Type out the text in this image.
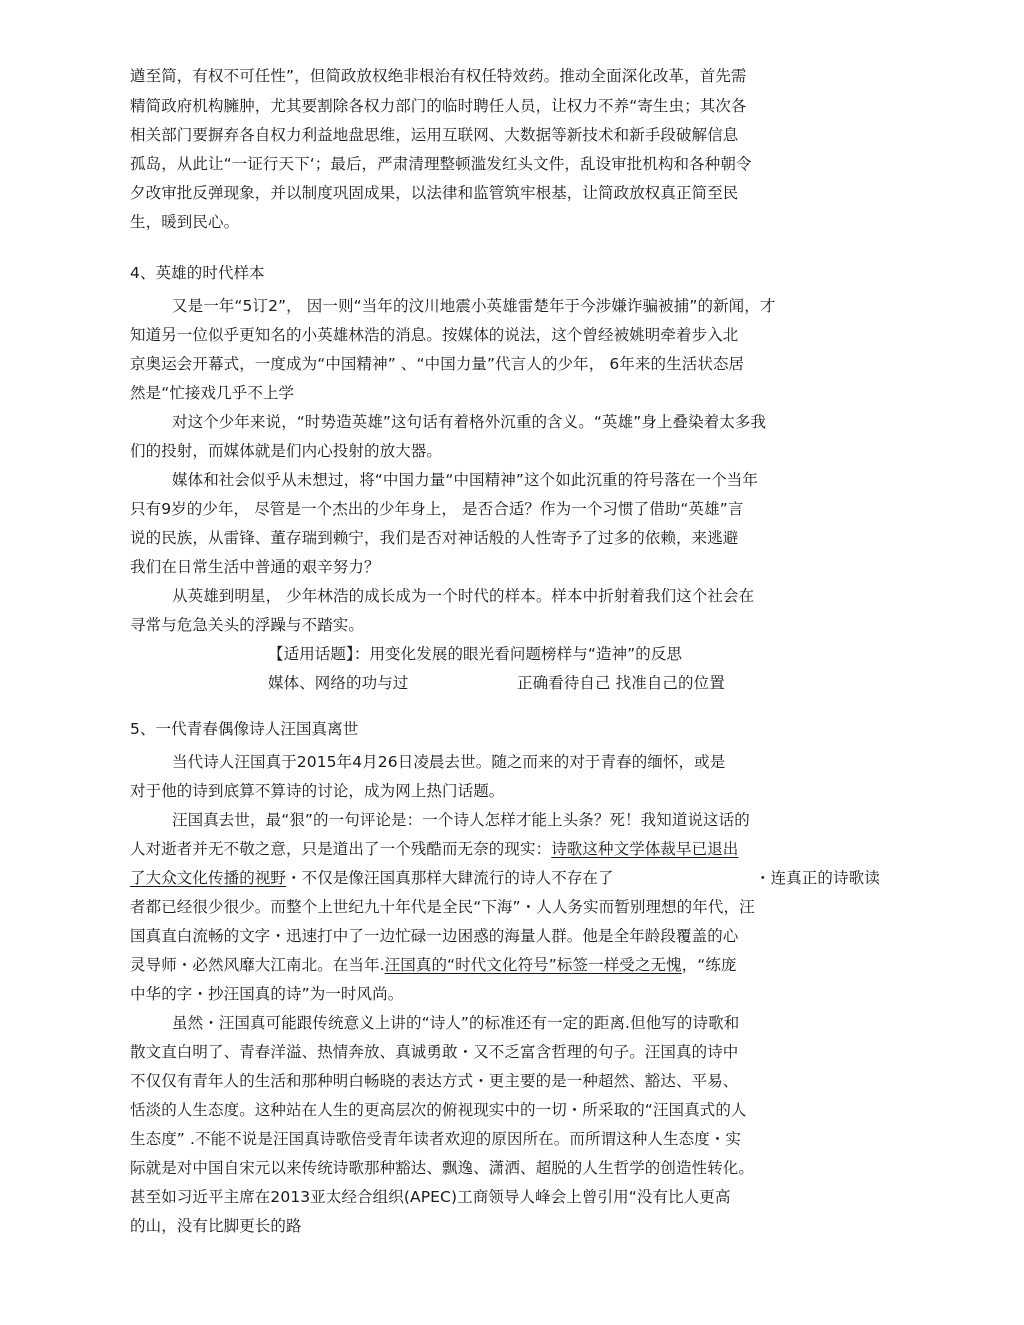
遒至简，有权不可任性”，但简政放权绝非根治有权任特效药。推动全面深化改革，首先需
精简政府机构臃肿，尤其要割除各权力部门的临时聘任人员，让权力不养“寄生虫；其次各
相关部门要摒弃各自权力利益地盘思维，运用互联网、大数据等新技术和新手段破解信息
孤岛，从此让“一证行天下‘；最后，严肃清理整顿滥发红头文件，乱设审批机构和各种朝令
夕改审批反弹现象，并以制度巩固成果，以法律和监管筑牢根基，让简政放权真正简至民
生，暖到民心。
4、英雄的时代样本
又是一年“5订2”， 因一则“当年的汶川地震小英雄雷楚年于今涉嫌诈骗被捕”的新闻，才
知道另一位似乎更知名的小英雄林浩的消息。按媒体的说法，这个曾经被姚明牵着步入北
京奥运会开幕式，一度成为“中国精神” 、“中国力量”代言人的少年， 6年来的生活状态居
然是“忙接戏几乎不上学
对这个少年来说，“时势造英雄”这句话有着格外沉重的含义。“英雄”身上叠染着太多我
们的投射，而媒体就是们内心投射的放大器。
媒体和社会似乎从未想过，将“中国力量“中国精神”这个如此沉重的符号落在一个当年
只有9岁的少年， 尽管是一个杰出的少年身上， 是否合适？作为一个习惯了借助“英雄”言
说的民族，从雷锋、董存瑞到赖宁，我们是否对神话般的人性寄予了过多的依赖，来逃避
我们在日常生活中普通的艰辛努力？
从英雄到明星， 少年林浩的成长成为一个时代的样本。样本中折射着我们这个社会在
寻常与危急关头的浮躁与不踏实。
【适用话题】：用变化发展的眼光看问题榜样与“造神”的反思
媒体、网络的功与过	正确看待自己 找准自己的位置
5、一代青春偶像诗人汪国真离世
当代诗人汪国真于2015年4月26日凌晨去世。随之而来的对于青春的缅怀，或是
对于他的诗到底算不算诗的讨论，成为网上热门话题。
汪国真去世，最“狠”的一句评论是：一个诗人怎样才能上头条？死！我知道说这话的
人对逝者并无不敬之意，只是道出了一个残酷而无奈的现实：诗歌这种文学体裁早已退出
了大众文化传播的视野・不仅是像汪国真那样大肆流行的诗人不存在了	・连真正的诗歌读
者都已经很少很少。而整个上世纪九十年代是全民“下海”・人人务实而暂别理想的年代，汪
国真直白流畅的文字・迅速打中了一边忙碌一边困惑的海量人群。他是全年龄段覆盖的心
灵导师・必然风靡大江南北。在当年.汪国真的“时代文化符号”标签一样受之无愧，“练庞
中华的字・抄汪国真的诗”为一时风尚。
虽然・汪国真可能跟传统意义上讲的“诗人”的标准还有一定的距离.但他写的诗歌和
散文直白明了、青春洋溢、热情奔放、真诚勇敢・又不乏富含哲理的句子。汪国真的诗中
不仅仅有青年人的生活和那种明白畅晓的表达方式・更主要的是一种超然、豁达、平易、
恬淡的人生态度。这种站在人生的更高层次的俯视现实中的一切・所采取的“汪国真式的人
生态度” .不能不说是汪国真诗歌倍受青年读者欢迎的原因所在。而所谓这种人生态度・实
际就是对中国自宋元以来传统诗歌那种豁达、飘逸、潇洒、超脱的人生哲学的创造性转化。
甚至如习近平主席在2013亚太经合组织(APEC)工商领导人峰会上曾引用“没有比人更高
的山，没有比脚更长的路
